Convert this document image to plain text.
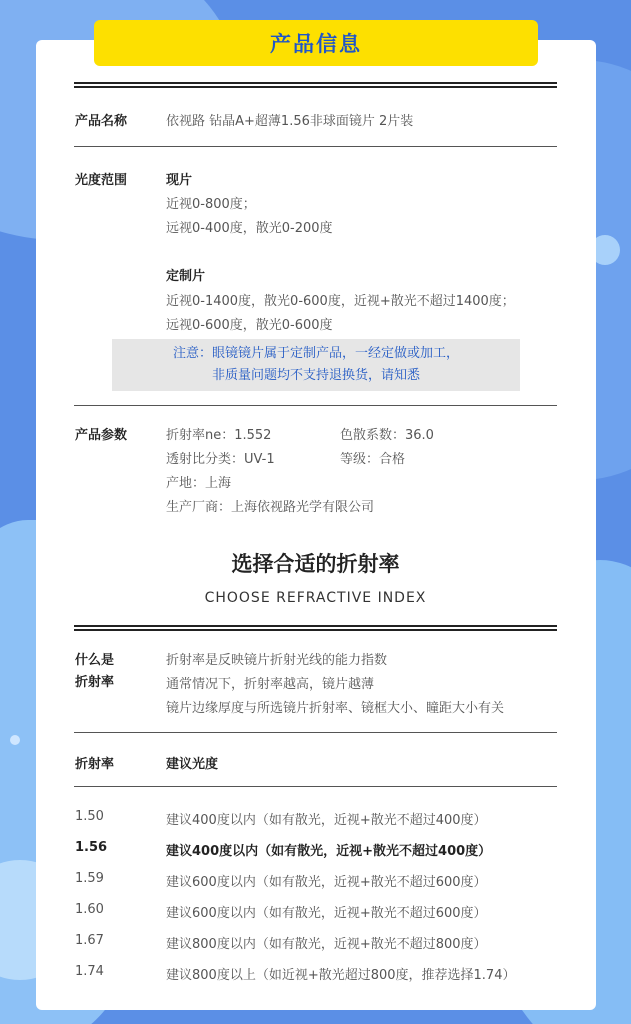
产品信息
产品名称	依视路 钻晶A+超薄1.56非球面镜片 2片装
光度范围	现片
近视0-800度；
远视0-400度，散光0-200度
定制片
近视0-1400度，散光0-600度，近视+散光不超过1400度；
远视0-600度，散光0-600度
注意：眼镜镜片属于定制产品，一经定做或加工，
非质量问题均不支持退换货，请知悉
产品参数	折射率ne：1.552	色散系数：36.0
透射比分类：UV-1	等级：合格
产地：上海
生产厂商：上海依视路光学有限公司
选择合适的折射率
CHOOSE REFRACTIVE INDEX
什么是
折射率
折射率是反映镜片折射光线的能力指数
通常情况下，折射率越高，镜片越薄
镜片边缘厚度与所选镜片折射率、镜框大小、瞳距大小有关
折射率	建议光度
1.50	建议400度以内（如有散光，近视+散光不超过400度）
1.56	建议400度以内（如有散光，近视+散光不超过400度）
1.59	建议600度以内（如有散光，近视+散光不超过600度）
1.60	建议600度以内（如有散光，近视+散光不超过600度）
1.67	建议800度以内（如有散光，近视+散光不超过800度）
1.74	建议800度以上（如近视+散光超过800度，推荐选择1.74）
